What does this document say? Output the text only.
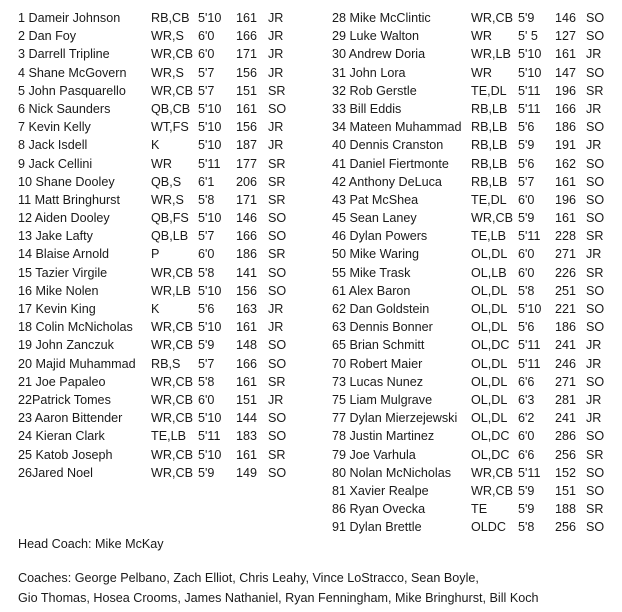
1 Dameir Johnson RB,CB 5'10 161 JR
2 Dan Foy	WR,S 6'0 166 JR
3 Darrell Tripline	WR,CB 6'0 171 JR
4 Shane McGovern WR,S 5'7 156 JR
5 John Pasquarello WR,CB 5'7 151 SR
6 Nick Saunders	QB,CB 5'10 161 SO
7 Kevin Kelly	WT,FS 5'10 156 JR
8 Jack Isdell	K	5'10 187 JR
9 Jack Cellini	WR 5'11 177 SR
10 Shane Dooley	QB,S 6'1 206 SR
11 Matt Bringhurst WR,S 5'8 171 SR
12 Aiden Dooley	QB,FS 5'10 146 SO
13 Jake Lafty	QB,LB 5'7 166 SO
14 Blaise Arnold	P	6'0 186 SR
15 Tazier Virgile	WR,CB 5'8 141 SO
16 Mike Nolen	WR,LB 5'10 156 SO
17 Kevin King	K	5'6 163 JR
18 Colin McNicholas WR,CB 5'10 161 JR
19 John Zanczuk	WR,CB 5'9 148 SO
20 Majid Muhammad RB,S 5'7 166 SO
21 Joe Papaleo	WR,CB 5'8 161 SR
22Patrick Tomes	WR,CB 6'0 151 JR
23 Aaron Bittender WR,CB 5'10 144 SO
24 Kieran Clark	TE,LB 5'11 183 SO
25 Katob Joseph	WR,CB 5'10 161 SR
26Jared Noel	WR,CB 5'9 149 SO
28 Mike McClintic	WR,CB 5'9 146 SO
29 Luke Walton	WR 5' 5 127 SO
30 Andrew Doria	WR,LB 5'10 161 JR
31 John Lora	WR 5'10 147 SO
32 Rob Gerstle	TE,DL 5'11 196 SR
33 Bill Eddis	RB,LB 5'11 166 JR
34 Mateen Muhammad RB,LB 5'6 186 SO
40 Dennis Cranston RB,LB 5'9 191 JR
41 Daniel Fiertmonte RB,LB 5'6 162 SO
42 Anthony DeLuca RB,LB 5'7 161 SO
43 Pat McShea	TE,DL 6'0 196 SO
45 Sean Laney	WR,CB 5'9 161 SO
46 Dylan Powers	TE,LB 5'11 228 SR
50 Mike Waring	OL,DL 6'0 271 JR
55 Mike Trask	OL,LB 6'0 226 SR
61 Alex Baron	OL,DL 5'8 251 SO
62 Dan Goldstein	OL,DL 5'10 221 SO
63 Dennis Bonner	OL,DL 5'6 186 SO
65 Brian Schmitt	OL,DC 5'11 241 JR
70 Robert Maier	OL,DL 5'11 246 JR
73 Lucas Nunez	OL,DL 6'6 271 SO
75 Liam Mulgrave	OL,DL 6'3 281 JR
77 Dylan Mierzejewski OL,DL 6'2 241 JR
78 Justin Martinez	OL,DC 6'0 286 SO
79 Joe Varhula	OL,DC 6'6 256 SR
80 Nolan McNicholas WR,CB 5'11 152 SO
81 Xavier Realpe	WR,CB 5'9 151 SO
86 Ryan Ovecka	TE 5'9 188 SR
91 Dylan Brettle	OLDC 5'8 256 SO
Head Coach: Mike McKay
Coaches: George Pelbano, Zach Elliot, Chris Leahy, Vince LoStracco, Sean Boyle,
Gio Thomas, Hosea Crooms, James Nathaniel, Ryan Fenningham, Mike Bringhurst, Bill Koch
